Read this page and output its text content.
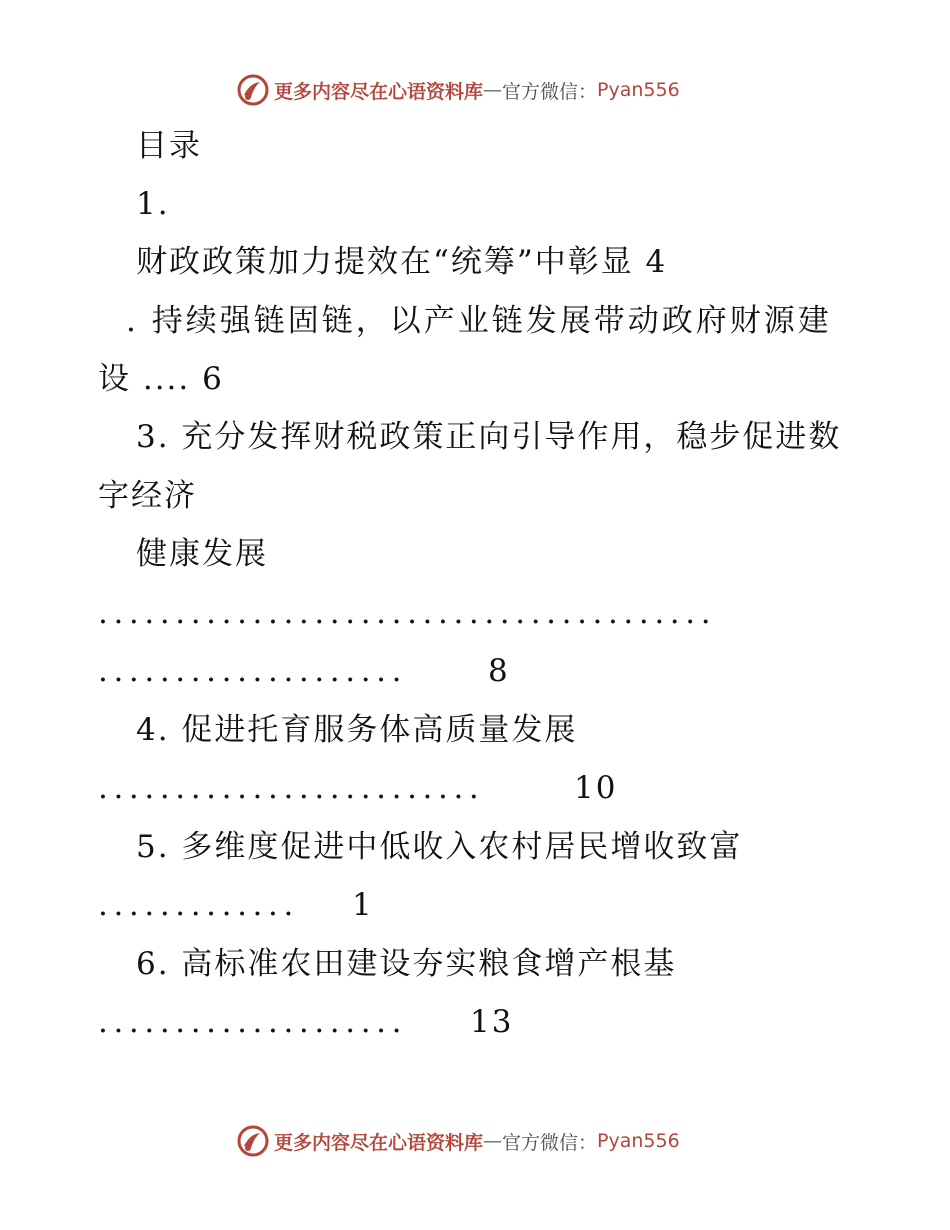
更多内容尽在心语资料库 — 官方微信： Pyan556
目录
1.
财政政策加力提效在“统筹”中彰显 4
. 持续强链固链，以产业链发展带动政府财源建
设 .... 6
3. 充分发挥财税政策正向引导作用，稳步促进数
字经济
健康发展
........................................
....................	8
4. 促进托育服务体高质量发展
.........................	10
5. 多维度促进中低收入农村居民增收致富
............. 1
6. 高标准农田建设夯实粮食增产根基
.................... 13
更多内容尽在心语资料库 — 官方微信： Pyan556
